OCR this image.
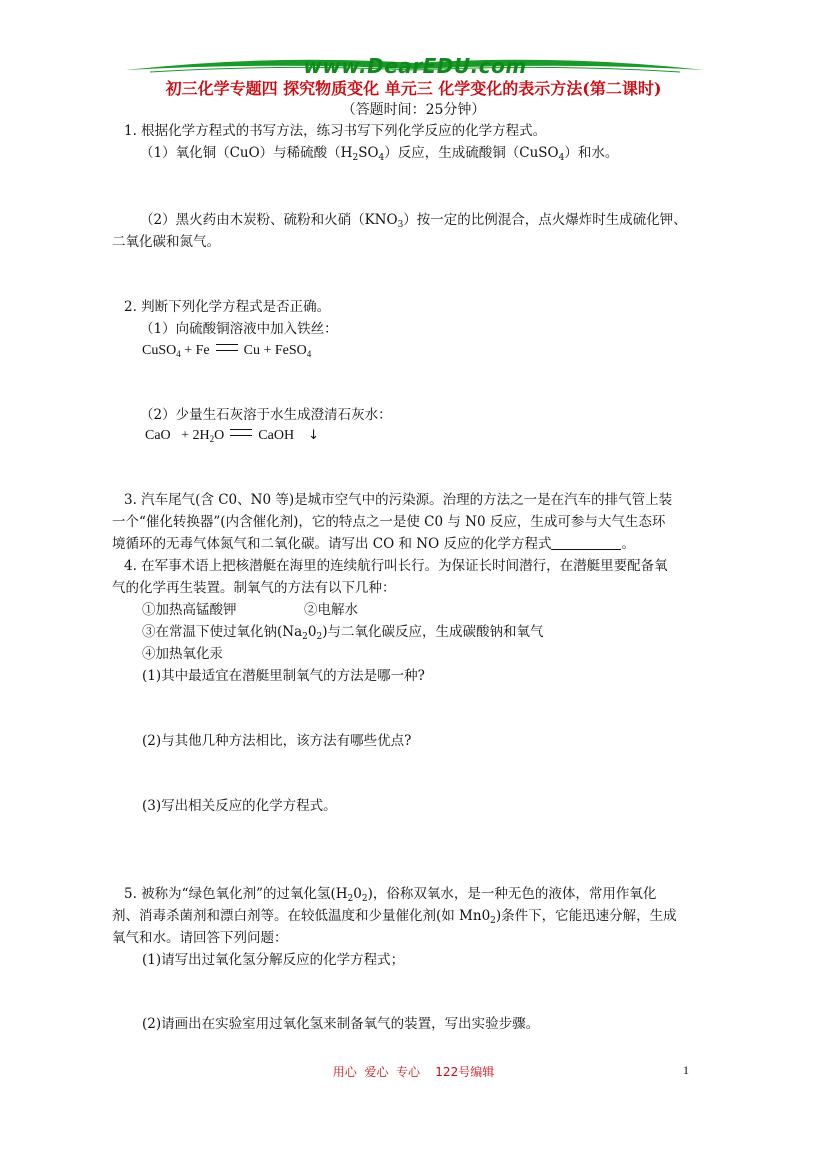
www.DearEDU.com
初三化学专题四 探究物质变化 单元三 化学变化的表示方法(第二课时)
（答题时间：25分钟）
1. 根据化学方程式的书写方法，练习书写下列化学反应的化学方程式。
（1）氧化铜（CuO）与稀硫酸$(H_2SO_4)$反应，生成硫酸铜（CuSO$_4$）和水。
（2）黑火药由木炭粉、硫粉和火硝$(KNO_3)$按一定的比例混合，点火爆炸时生成硫化钾、
二氧化碳和氮气。
2. 判断下列化学方程式是否正确。
（1）向硫酸铜溶液中加入铁丝：
CuSO$_4$ + Fe Cu + FeSO$_4$
（2）少量生石灰溶于水生成澄清石灰水：
CaO   + $2H_2O$ CaOH ↓
3. 汽车尾气(含 C0、N0 等)是城市空气中的污染源。治理的方法之一是在汽车的排气管上装
一个“催化转换器”(内含催化剂)，它的特点之一是使 C0 与 N0 反应，生成可参与大气生态环
境循环的无毒气体氮气和二氧化碳。请写出 CO 和 NO 反应的化学方程式	。
4. 在军事术语上把核潜艇在海里的连续航行叫长行。为保证长时间潜行，在潜艇里要配备氧
气的化学再生装置。制氧气的方法有以下几种：
①加热高锰酸钾	②电解水
③在常温下使过氧化钠$(Na_20_2)$与二氧化碳反应，生成碳酸钠和氧气
④加热氧化汞
(1)其中最适宜在潜艇里制氧气的方法是哪一种?
(2)与其他几种方法相比，该方法有哪些优点?
(3)写出相关反应的化学方程式。
5. 被称为“绿色氧化剂”的过氧化氢$(H_20_2)$，俗称双氧水，是一种无色的液体，常用作氧化
剂、消毒杀菌剂和漂白剂等。在较低温度和少量催化剂(如 $Mn0_2$)条件下，它能迅速分解，生成
氧气和水。请回答下列问题：
(1)请写出过氧化氢分解反应的化学方程式；
(2)请画出在实验室用过氧化氢来制备氧气的装置，写出实验步骤。
用心  爱心  专心    122号编辑	1
